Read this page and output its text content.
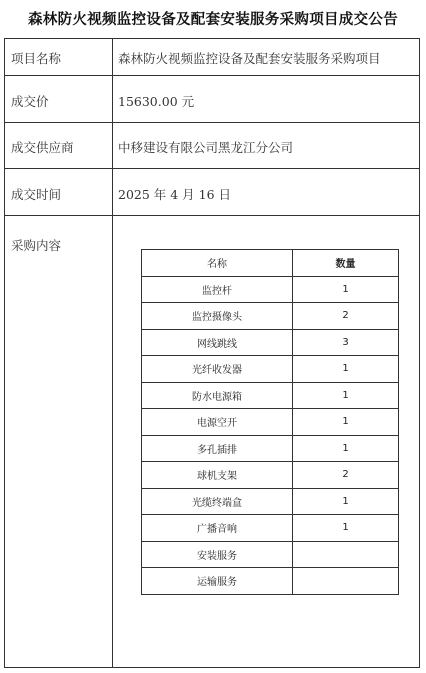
森林防火视频监控设备及配套安装服务采购项目成交公告
项目名称	森林防火视频监控设备及配套安装服务采购项目
成交价	15630.00 元
成交供应商	中移建设有限公司黑龙江分公司
成交时间	2025 年 4 月 16 日
采购内容
名称	数量
监控杆	1
监控摄像头	2
网线跳线	3
光纤收发器	1
防水电源箱	1
电源空开	1
多孔插排	1
球机支架	2
光缆终端盒	1
广播音响	1
安装服务	
运输服务	
